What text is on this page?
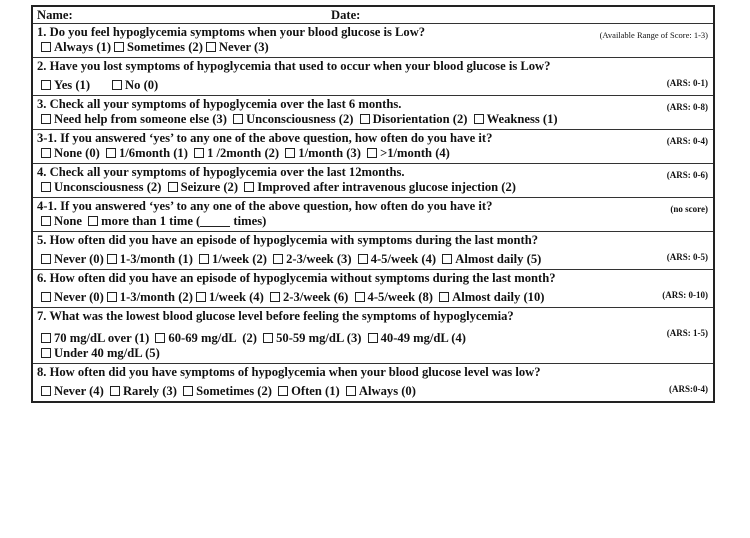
Name:	Date:
1. Do you feel hypoglycemia symptoms when your blood glucose is Low?	(Available Range of Score: 1-3)
Always (1) Sometimes (2) Never (3)
2. Have you lost symptoms of hypoglycemia that used to occur when your blood glucose is Low?
(ARS: 0-1)
Yes (1)	No (0)
3. Check all your symptoms of hypoglycemia over the last 6 months.	(ARS: 0-8)
Need help from someone else (3) Unconsciousness (2) Disorientation (2) Weakness (1)
3-1. If you answered ‘yes’ to any one of the above question, how often do you have it?	(ARS: 0-4)
None (0) 1/6month (1) 1 /2month (2) 1/month (3) >1/month (4)
4. Check all your symptoms of hypoglycemia over the last 12months.	(ARS: 0-6)
Unconsciousness (2) Seizure (2) Improved after intravenous glucose injection (2)
4-1. If you answered ‘yes’ to any one of the above question, how often do you have it?	(no score)
None more than 1 time (	times)
5. How often did you have an episode of hypoglycemia with symptoms during the last month?
(ARS: 0-5)
Never (0) 1-3/month (1) 1/week (2) 2-3/week (3) 4-5/week (4) Almost daily (5)
6. How often did you have an episode of hypoglycemia without symptoms during the last month?
(ARS: 0-10)
Never (0) 1-3/month (2) 1/week (4) 2-3/week (6) 4-5/week (8) Almost daily (10)
7. What was the lowest blood glucose level before feeling the symptoms of hypoglycemia?
(ARS: 1-5)
70 mg/dL over (1) 60-69 mg/dL  (2) 50-59 mg/dL (3) 40-49 mg/dL (4)
Under 40 mg/dL (5)
8. How often did you have symptoms of hypoglycemia when your blood glucose level was low?
(ARS:0-4)
Never (4) Rarely (3) Sometimes (2) Often (1) Always (0)
